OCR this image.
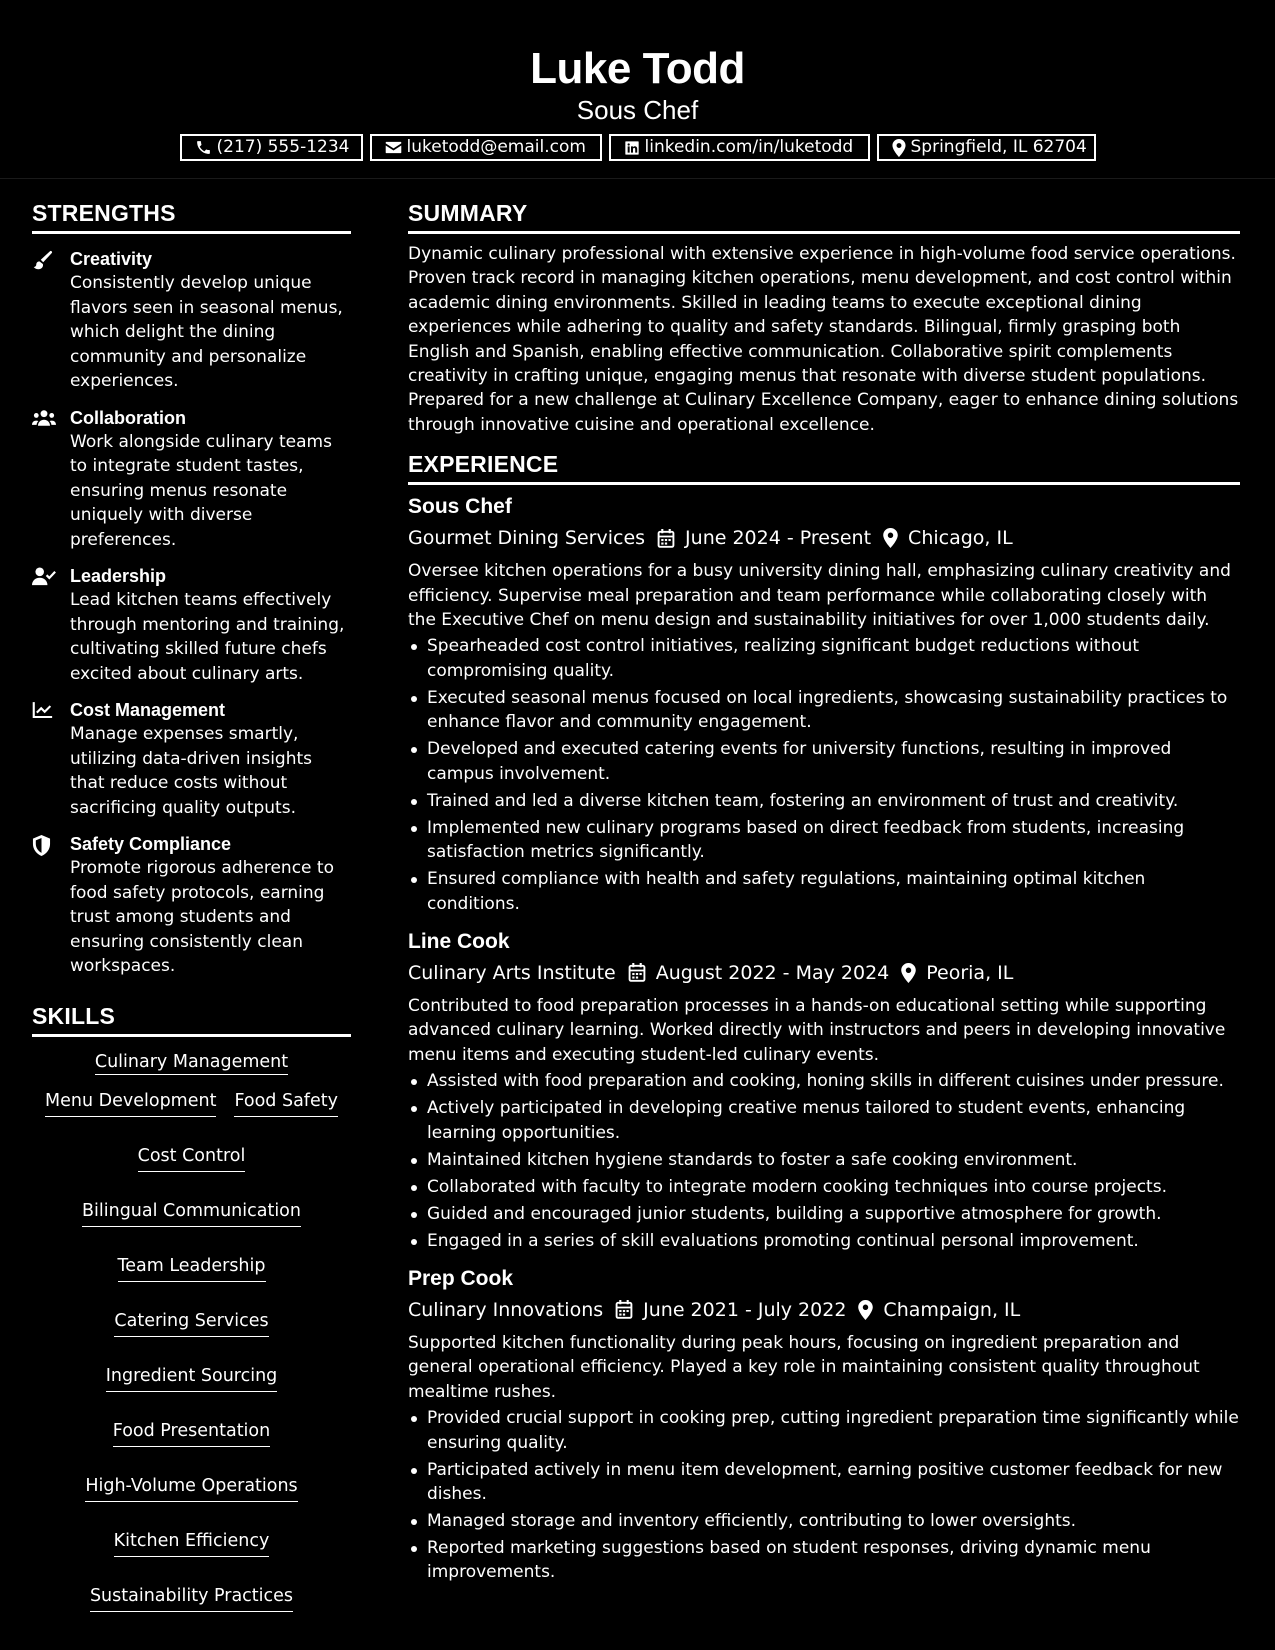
Luke Todd
Sous Chef
(217) 555-1234	luketodd@email.com	linkedin.com/in/luketodd	Springfield, IL 62704
STRENGTHS
Creativity
Consistently develop unique flavors seen in seasonal menus, which delight the dining community and personalize experiences.
Collaboration
Work alongside culinary teams to integrate student tastes, ensuring menus resonate uniquely with diverse preferences.
Leadership
Lead kitchen teams effectively through mentoring and training, cultivating skilled future chefs excited about culinary arts.
Cost Management
Manage expenses smartly, utilizing data-driven insights that reduce costs without sacrificing quality outputs.
Safety Compliance
Promote rigorous adherence to food safety protocols, earning trust among students and ensuring consistently clean workspaces.
SKILLS
Culinary Management
Menu Development Food Safety
Cost Control
Bilingual Communication
Team Leadership
Catering Services
Ingredient Sourcing
Food Presentation
High-Volume Operations
Kitchen Efficiency
Sustainability Practices
SUMMARY
Dynamic culinary professional with extensive experience in high-volume food service operations. Proven track record in managing kitchen operations, menu development, and cost control within academic dining environments. Skilled in leading teams to execute exceptional dining experiences while adhering to quality and safety standards. Bilingual, firmly grasping both English and Spanish, enabling effective communication. Collaborative spirit complements creativity in crafting unique, engaging menus that resonate with diverse student populations. Prepared for a new challenge at Culinary Excellence Company, eager to enhance dining solutions through innovative cuisine and operational excellence.
EXPERIENCE
Sous Chef
Gourmet Dining Services June 2024 - Present Chicago, IL
Oversee kitchen operations for a busy university dining hall, emphasizing culinary creativity and efficiency. Supervise meal preparation and team performance while collaborating closely with the Executive Chef on menu design and sustainability initiatives for over 1,000 students daily.
Spearheaded cost control initiatives, realizing significant budget reductions without compromising quality.
Executed seasonal menus focused on local ingredients, showcasing sustainability practices to enhance flavor and community engagement.
Developed and executed catering events for university functions, resulting in improved campus involvement.
Trained and led a diverse kitchen team, fostering an environment of trust and creativity.
Implemented new culinary programs based on direct feedback from students, increasing satisfaction metrics significantly.
Ensured compliance with health and safety regulations, maintaining optimal kitchen conditions.
Line Cook
Culinary Arts Institute August 2022 - May 2024 Peoria, IL
Contributed to food preparation processes in a hands-on educational setting while supporting advanced culinary learning. Worked directly with instructors and peers in developing innovative menu items and executing student-led culinary events.
Assisted with food preparation and cooking, honing skills in different cuisines under pressure.
Actively participated in developing creative menus tailored to student events, enhancing learning opportunities.
Maintained kitchen hygiene standards to foster a safe cooking environment.
Collaborated with faculty to integrate modern cooking techniques into course projects.
Guided and encouraged junior students, building a supportive atmosphere for growth.
Engaged in a series of skill evaluations promoting continual personal improvement.
Prep Cook
Culinary Innovations June 2021 - July 2022 Champaign, IL
Supported kitchen functionality during peak hours, focusing on ingredient preparation and general operational efficiency. Played a key role in maintaining consistent quality throughout mealtime rushes.
Provided crucial support in cooking prep, cutting ingredient preparation time significantly while ensuring quality.
Participated actively in menu item development, earning positive customer feedback for new dishes.
Managed storage and inventory efficiently, contributing to lower oversights.
Reported marketing suggestions based on student responses, driving dynamic menu improvements.
